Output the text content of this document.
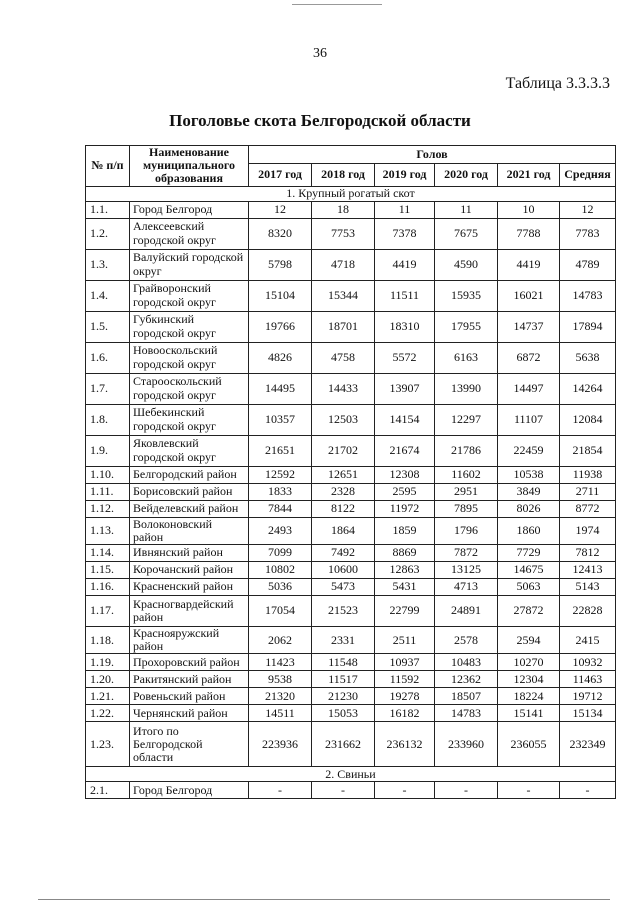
36
Таблица 3.3.3.3
Поголовье скота Белгородской области
№ п/п	Наименование муниципального образования	Голов					
		2017 год	2018 год	2019 год	2020 год	2021 год	Средняя
1. Крупный рогатый скот							
1.1.	Город Белгород	12	18	11	11	10	12
1.2.	Алексеевский городской округ	8320	7753	7378	7675	7788	7783
1.3.	Валуйский городской округ	5798	4718	4419	4590	4419	4789
1.4.	Грайворонский городской округ	15104	15344	11511	15935	16021	14783
1.5.	Губкинский городской округ	19766	18701	18310	17955	14737	17894
1.6.	Новооскольский городской округ	4826	4758	5572	6163	6872	5638
1.7.	Старооскольский городской округ	14495	14433	13907	13990	14497	14264
1.8.	Шебекинский городской округ	10357	12503	14154	12297	11107	12084
1.9.	Яковлевский городской округ	21651	21702	21674	21786	22459	21854
1.10.	Белгородский район	12592	12651	12308	11602	10538	11938
1.11.	Борисовский район	1833	2328	2595	2951	3849	2711
1.12.	Вейделевский район	7844	8122	11972	7895	8026	8772
1.13.	Волоконовский район	2493	1864	1859	1796	1860	1974
1.14.	Ивнянский район	7099	7492	8869	7872	7729	7812
1.15.	Корочанский район	10802	10600	12863	13125	14675	12413
1.16.	Красненский район	5036	5473	5431	4713	5063	5143
1.17.	Красногвардейский район	17054	21523	22799	24891	27872	22828
1.18.	Краснояружский район	2062	2331	2511	2578	2594	2415
1.19.	Прохоровский район	11423	11548	10937	10483	10270	10932
1.20.	Ракитянский район	9538	11517	11592	12362	12304	11463
1.21.	Ровеньский район	21320	21230	19278	18507	18224	19712
1.22.	Чернянский район	14511	15053	16182	14783	15141	15134
1.23.	Итого по Белгородской области	223936	231662	236132	233960	236055	232349
2. Свиньи							
2.1.	Город Белгород	-	-	-	-	-	-
